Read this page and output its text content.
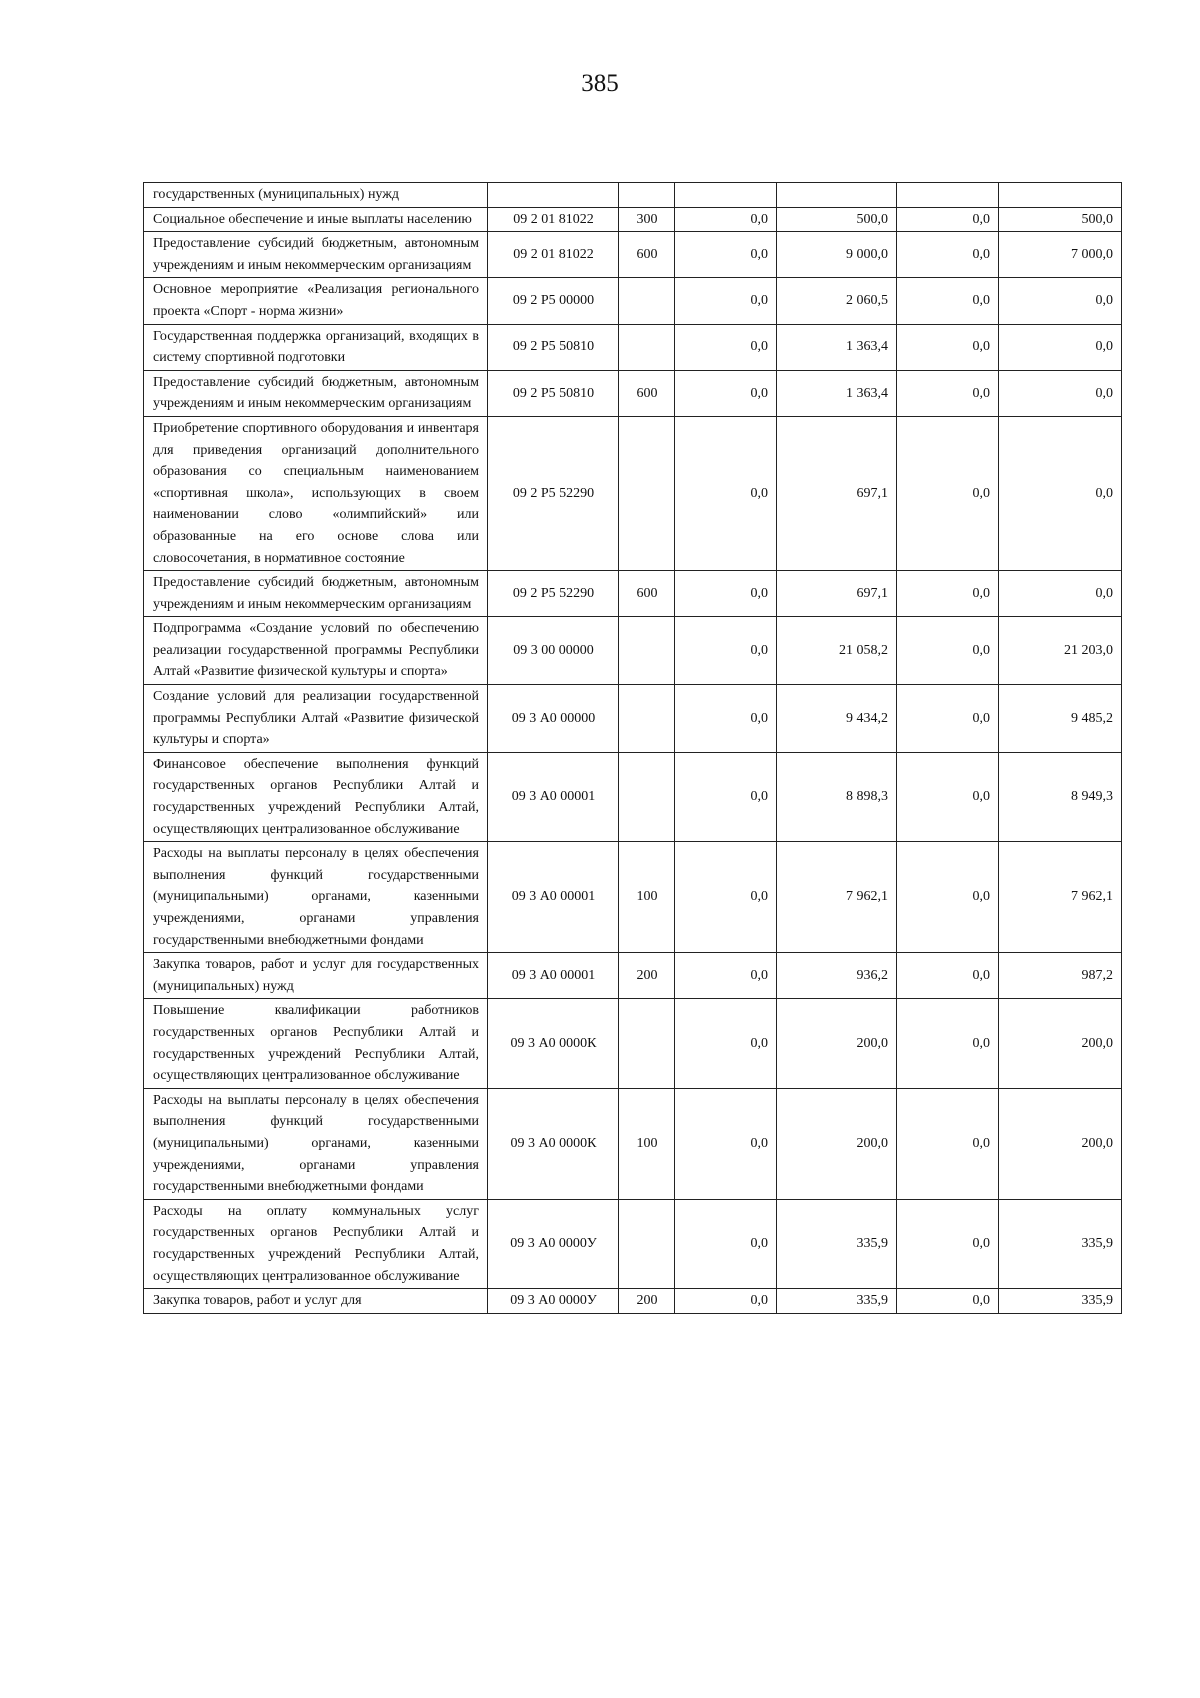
385
государственных (муниципальных) нужд						
Социальное обеспечение и иные выплаты населению	09 2 01 81022	300	0,0	500,0	0,0	500,0
Предоставление субсидий бюджетным, автономным учреждениям и иным некоммерческим организациям	09 2 01 81022	600	0,0	9 000,0	0,0	7 000,0
Основное мероприятие «Реализация регионального проекта «Спорт - норма жизни»	09 2 P5 00000		0,0	2 060,5	0,0	0,0
Государственная поддержка организаций, входящих в систему спортивной подготовки	09 2 P5 50810		0,0	1 363,4	0,0	0,0
Предоставление субсидий бюджетным, автономным учреждениям и иным некоммерческим организациям	09 2 P5 50810	600	0,0	1 363,4	0,0	0,0
Приобретение спортивного оборудования и инвентаря для приведения организаций дополнительного образования со специальным наименованием «спортивная школа», использующих в своем наименовании слово «олимпийский» или образованные на его основе слова или словосочетания, в нормативное состояние	09 2 P5 52290		0,0	697,1	0,0	0,0
Предоставление субсидий бюджетным, автономным учреждениям и иным некоммерческим организациям	09 2 P5 52290	600	0,0	697,1	0,0	0,0
Подпрограмма «Создание условий по обеспечению реализации государственной программы Республики Алтай «Развитие физической культуры и спорта»	09 3 00 00000		0,0	21 058,2	0,0	21 203,0
Создание условий для реализации государственной программы Республики Алтай «Развитие физической культуры и спорта»	09 3 А0 00000		0,0	9 434,2	0,0	9 485,2
Финансовое обеспечение выполнения функций государственных органов Республики Алтай и государственных учреждений Республики Алтай, осуществляющих централизованное обслуживание	09 3 А0 00001		0,0	8 898,3	0,0	8 949,3
Расходы на выплаты персоналу в целях обеспечения выполнения функций государственными (муниципальными) органами, казенными учреждениями, органами управления государственными внебюджетными фондами	09 3 А0 00001	100	0,0	7 962,1	0,0	7 962,1
Закупка товаров, работ и услуг для государственных (муниципальных) нужд	09 3 А0 00001	200	0,0	936,2	0,0	987,2
Повышение квалификации работников государственных органов Республики Алтай и государственных учреждений Республики Алтай, осуществляющих централизованное обслуживание	09 3 А0 0000К		0,0	200,0	0,0	200,0
Расходы на выплаты персоналу в целях обеспечения выполнения функций государственными (муниципальными) органами, казенными учреждениями, органами управления государственными внебюджетными фондами	09 3 А0 0000К	100	0,0	200,0	0,0	200,0
Расходы на оплату коммунальных услуг государственных органов Республики Алтай и государственных учреждений Республики Алтай, осуществляющих централизованное обслуживание	09 3 А0 0000У		0,0	335,9	0,0	335,9
Закупка товаров, работ и услуг для	09 3 А0 0000У	200	0,0	335,9	0,0	335,9
